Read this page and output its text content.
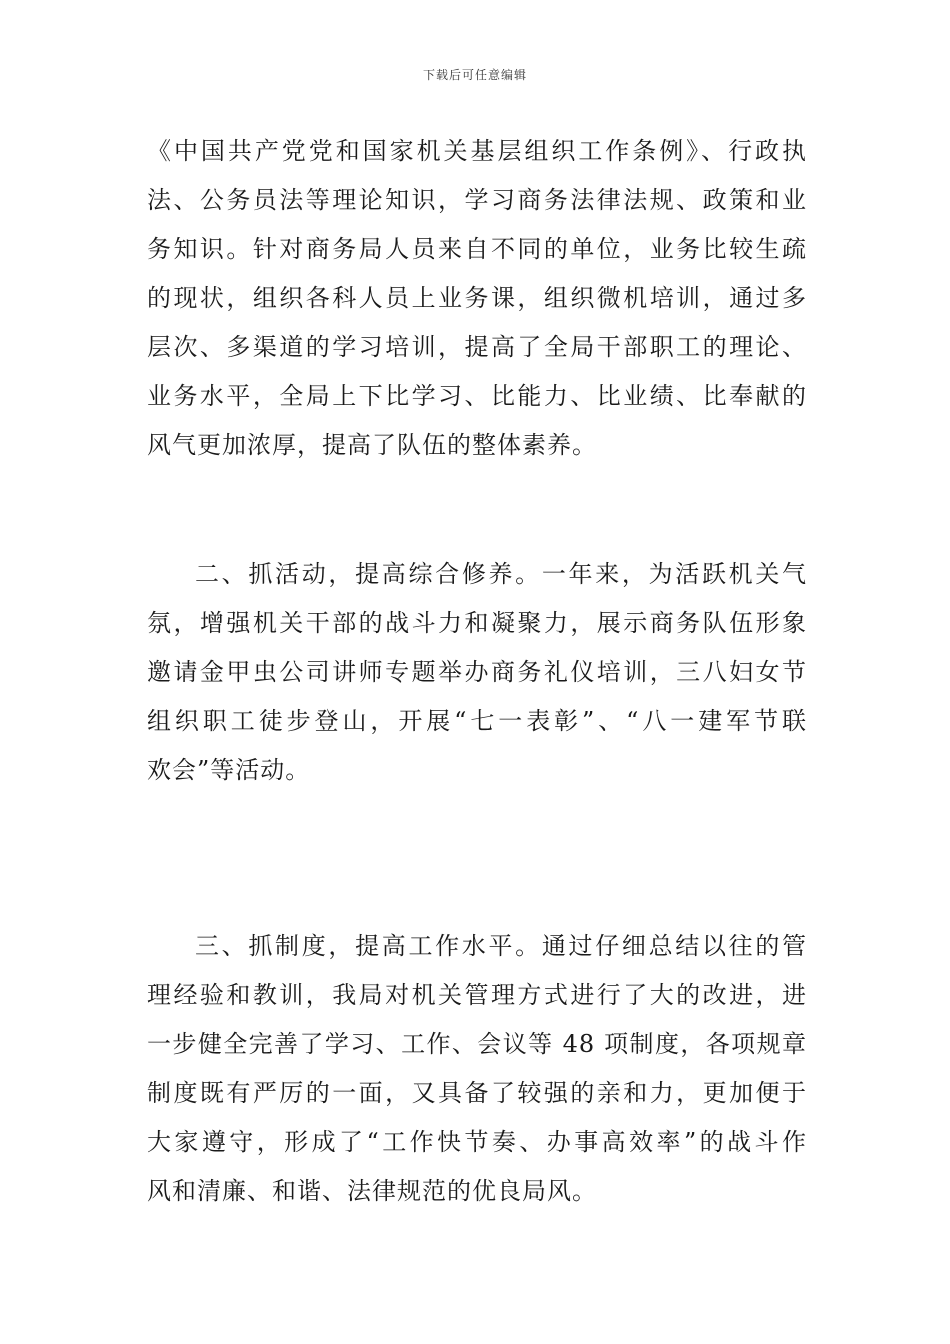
下载后可任意编辑
《中国共产党党和国家机关基层组织工作条例》、行政执
法、公务员法等理论知识，学习商务法律法规、政策和业
务知识。针对商务局人员来自不同的单位，业务比较生疏
的现状，组织各科人员上业务课，组织微机培训，通过多
层次、多渠道的学习培训，提高了全局干部职工的理论、
业务水平，全局上下比学习、比能力、比业绩、比奉献的
风气更加浓厚，提高了队伍的整体素养。
二、抓活动，提高综合修养。一年来，为活跃机关气
氛，增强机关干部的战斗力和凝聚力，展示商务队伍形象
邀请金甲虫公司讲师专题举办商务礼仪培训，三八妇女节
组织职工徒步登山，开展“七一表彰”、“八一建军节联
欢会”等活动。
三、抓制度，提高工作水平。通过仔细总结以往的管
理经验和教训，我局对机关管理方式进行了大的改进，进
一步健全完善了学习、工作、会议等 48 项制度，各项规章
制度既有严厉的一面，又具备了较强的亲和力，更加便于
大家遵守，形成了“工作快节奏、办事高效率”的战斗作
风和清廉、和谐、法律规范的优良局风。
